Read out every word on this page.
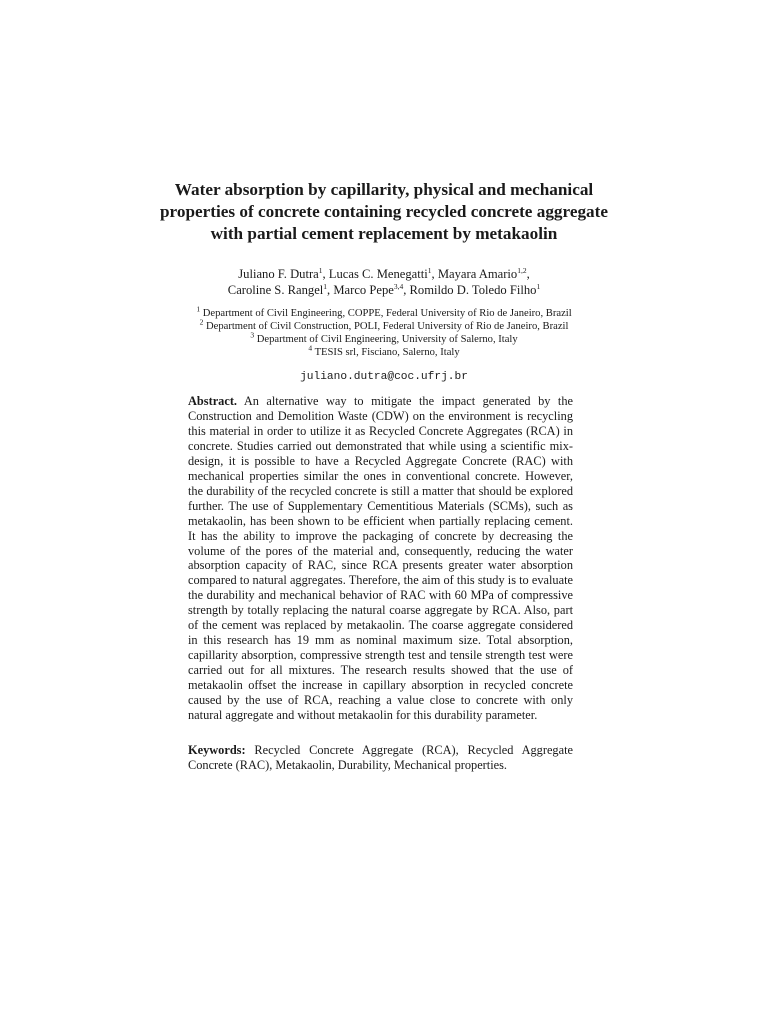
Water absorption by capillarity, physical and mechanical properties of concrete containing recycled concrete aggregate with partial cement replacement by metakaolin

Juliano F. Dutra$^1$, Lucas C. Menegatti$^1$, Mayara Amario$^{1,2}$,
Caroline S. Rangel$^1$, Marco Pepe$^{3,4}$, Romildo D. Toledo Filho$^1$

$^1$ Department of Civil Engineering, COPPE, Federal University of Rio de Janeiro, Brazil
$^2$ Department of Civil Construction, POLI, Federal University of Rio de Janeiro, Brazil
$^3$ Department of Civil Engineering, University of Salerno, Italy
$^4$ TESIS srl, Fisciano, Salerno, Italy
juliano.dutra@coc.ufrj.br

Abstract. An alternative way to mitigate the impact generated by the Construction and Demolition Waste (CDW) on the environment is recycling this material in order to utilize it as Recycled Concrete Aggregates (RCA) in concrete. Studies carried out demonstrated that while using a scientific mix-design, it is possible to have a Recycled Aggregate Concrete (RAC) with mechanical properties similar the ones in conventional concrete. However, the durability of the recycled concrete is still a matter that should be explored further. The use of Supplementary Cementitious Materials (SCMs), such as metakaolin, has been shown to be efficient when partially replacing cement. It has the ability to improve the packaging of concrete by decreasing the volume of the pores of the material and, consequently, reducing the water absorption capacity of RAC, since RCA presents greater water absorption compared to natural aggregates. Therefore, the aim of this study is to evaluate the durability and mechanical behavior of RAC with 60 MPa of compressive strength by totally replacing the natural coarse aggregate by RCA. Also, part of the cement was replaced by metakaolin. The coarse aggregate considered in this research has 19 mm as nominal maximum size. Total absorption, capillarity absorption, compressive strength test and tensile strength test were carried out for all mixtures. The research results showed that the use of metakaolin offset the increase in capillary absorption in recycled concrete caused by the use of RCA, reaching a value close to concrete with only natural aggregate and without metakaolin for this durability parameter.

Keywords: Recycled Concrete Aggregate (RCA), Recycled Aggregate Concrete (RAC), Metakaolin, Durability, Mechanical properties.
